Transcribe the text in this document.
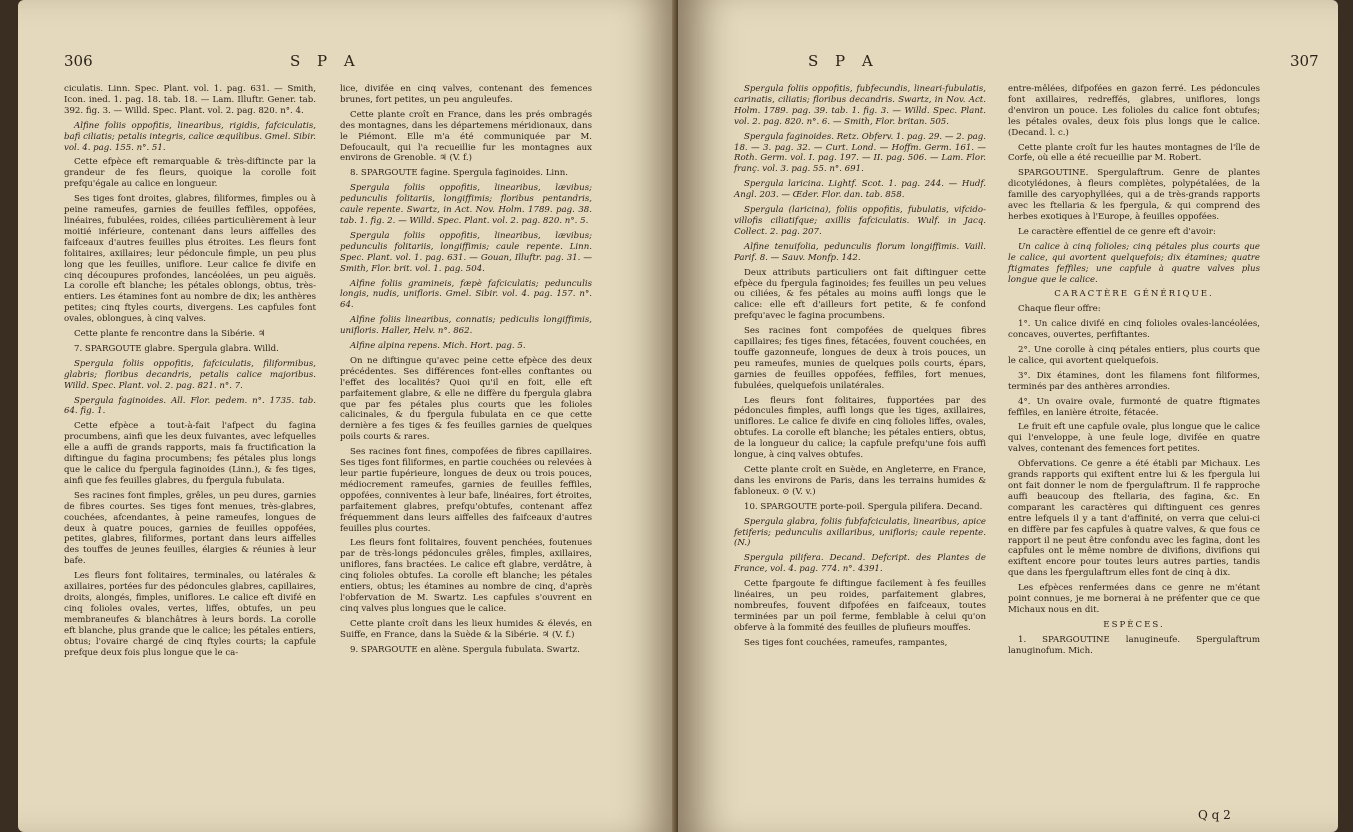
306	S P A

ciculatis. Linn. Spec. Plant. vol. 1. pag. 631. — Smith, Icon. ined. 1. pag. 18. tab. 18. — Lam. Illuftr. Gener. tab. 392. fig. 3. — Willd. Spec. Plant. vol. 2. pag. 820. n°. 4.

Alfine foliis oppofitis, linearibus, rigidis, fafciculatis, bafi ciliatis; petalis integris, calice æquilibus. Gmel. Sibir. vol. 4. pag. 155. n°. 51.

Cette efpèce eft remarquable & très-diftincte par la grandeur de fes fleurs, quoique la corolle foit prefqu'égale au calice en longueur.

Ses tiges font droites, glabres, filiformes, fimples ou à peine rameufes, garnies de feuilles feffiles, oppofées, linéaires, fubulées, roides, ciliées particulièrement à leur moitié inférieure, contenant dans leurs aiffelles des faifceaux d'autres feuilles plus étroites. Les fleurs font folitaires, axillaires; leur pédoncule fimple, un peu plus long que les feuilles, uniflore. Leur calice fe divife en cinq découpures profondes, lancéolées, un peu aiguës. La corolle eft blanche; les pétales oblongs, obtus, très-entiers. Les étamines font au nombre de dix; les anthères petites; cinq ftyles courts, divergens. Les capfules font ovales, oblongues, à cinq valves.

Cette plante fe rencontre dans la Sibérie. ♃

7. SPARGOUTE glabre. Spergula glabra. Willd.

Spergula foliis oppofitis, fafciculatis, filiformibus, glabris; floribus decandris, petalis calice majoribus. Willd. Spec. Plant. vol. 2. pag. 821. n°. 7.

Spergula faginoides. All. Flor. pedem. n°. 1735. tab. 64. fig. 1.

Cette efpèce a tout-à-fait l'afpect du fagina procumbens, ainfi que les deux fuivantes, avec lefquelles elle a auffi de grands rapports, mais fa fructification la diftingue du fagina procumbens; fes pétales plus longs que le calice du fpergula faginoides (Linn.), & fes tiges, ainfi que fes feuilles glabres, du fpergula fubulata.

Ses racines font fimples, grêles, un peu dures, garnies de fibres courtes. Ses tiges font menues, très-glabres, couchées, afcendantes, à peine rameufes, longues de deux à quatre pouces, garnies de feuilles oppofées, petites, glabres, filiformes, portant dans leurs aiffelles des touffes de jeunes feuilles, élargies & réunies à leur bafe.

Les fleurs font folitaires, terminales, ou latérales & axillaires, portées fur des pédoncules glabres, capillaires, droits, alongés, fimples, uniflores. Le calice eft divifé en cinq folioles ovales, vertes, liffes, obtufes, un peu membraneufes & blanchâtres à leurs bords. La corolle eft blanche, plus grande que le calice; les pétales entiers, obtus; l'ovaire chargé de cinq ftyles courts; la capfule prefque deux fois plus longue que le ca-

lice, divifée en cinq valves, contenant des femences brunes, fort petites, un peu anguleufes.

Cette plante croît en France, dans les prés ombragés des montagnes, dans les départemens méridionaux, dans le Piémont. Elle m'a été communiquée par M. Defoucault, qui l'a recueillie fur les montagnes aux environs de Grenoble. ♃ (V. f.)

8. SPARGOUTE fagine. Spergula faginoides. Linn.

Spergula foliis oppofitis, linearibus, lævibus; pedunculis folitariis, longiffimis; floribus pentandris, caule repente. Swartz, in Act. Nov. Holm. 1789. pag. 38. tab. 1. fig. 2. — Willd. Spec. Plant. vol. 2. pag. 820. n°. 5.

Spergula foliis oppofitis, linearibus, lævibus; pedunculis folitariis, longiffimis; caule repente. Linn. Spec. Plant. vol. 1. pag. 631. — Gouan, Illuftr. pag. 31. — Smith, Flor. brit. vol. 1. pag. 504.

Alfine foliis gramineis, fæpè fafciculatis; pedunculis longis, nudis, unifloris. Gmel. Sibir. vol. 4. pag. 157. n°. 64.

Alfine foliis linearibus, connatis; pediculis longiffimis, unifloris. Haller, Helv. n°. 862.

Alfine alpina repens. Mich. Hort. pag. 5.

On ne diftingue qu'avec peine cette efpèce des deux précédentes. Ses différences font-elles conftantes ou l'effet des localités? Quoi qu'il en foit, elle eft parfaitement glabre, & elle ne diffère du fpergula glabra que par fes pétales plus courts que les folioles calicinales, & du fpergula fubulata en ce que cette dernière a fes tiges & fes feuilles garnies de quelques poils courts & rares.

Ses racines font fines, compofées de fibres capillaires. Ses tiges font filiformes, en partie couchées ou relevées à leur partie fupérieure, longues de deux ou trois pouces, médiocrement rameufes, garnies de feuilles feffiles, oppofées, conniventes à leur bafe, linéaires, fort étroites, parfaitement glabres, prefqu'obtufes, contenant affez fréquemment dans leurs aiffelles des faifceaux d'autres feuilles plus courtes.

Les fleurs font folitaires, fouvent penchées, foutenues par de très-longs pédoncules grêles, fimples, axillaires, uniflores, fans bractées. Le calice eft glabre, verdâtre, à cinq folioles obtufes. La corolle eft blanche; les pétales entiers, obtus; les étamines au nombre de cinq, d'après l'obfervation de M. Swartz. Les capfules s'ouvrent en cinq valves plus longues que le calice.

Cette plante croît dans les lieux humides & élevés, en Suiffe, en France, dans la Suède & la Sibérie. ♃ (V. f.)

9. SPARGOUTE en alène. Spergula fubulata. Swartz.

S P A	307

Spergula foliis oppofitis, fubfecundis, lineari-fubulatis, carinatis, ciliatis; floribus decandris. Swartz, in Nov. Act. Holm. 1789. pag. 39. tab. 1. fig. 3. — Willd. Spec. Plant. vol. 2. pag. 820. n°. 6. — Smith, Flor. britan. 505.

Spergula faginoides. Retz. Obferv. 1. pag. 29. — 2. pag. 18. — 3. pag. 32. — Curt. Lond. — Hoffm. Germ. 161. — Roth. Germ. vol. I. pag. 197. — II. pag. 506. — Lam. Flor. franç. vol. 3. pag. 55. n°. 691.

Spergula laricina. Lightf. Scot. 1. pag. 244. — Hudf. Angl. 203. — Œder. Flor. dan. tab. 858.

Spergula (laricina), foliis oppofitis, fubulatis, vifcido-villofis ciliatifque; axillis fafciculatis. Wulf. in Jacq. Collect. 2. pag. 207.

Alfine tenuifolia, pedunculis florum longiffimis. Vaill. Parif. 8. — Sauv. Monfp. 142.

Deux attributs particuliers ont fait diftinguer cette efpèce du fpergula faginoides; fes feuilles un peu velues ou ciliées, & fes pétales au moins auffi longs que le calice: elle eft d'ailleurs fort petite, & fe confond prefqu'avec le fagina procumbens.

Ses racines font compofées de quelques fibres capillaires; fes tiges fines, fétacées, fouvent couchées, en touffe gazonneufe, longues de deux à trois pouces, un peu rameufes, munies de quelques poils courts, épars, garnies de feuilles oppofées, feffiles, fort menues, fubulées, quelquefois unilatérales.

Les fleurs font folitaires, fupportées par des pédoncules fimples, auffi longs que les tiges, axillaires, uniflores. Le calice fe divife en cinq folioles liffes, ovales, obtufes. La corolle eft blanche; les pétales entiers, obtus, de la longueur du calice; la capfule prefqu'une fois auffi longue, à cinq valves obtufes.

Cette plante croît en Suède, en Angleterre, en France, dans les environs de Paris, dans les terrains humides & fabloneux. ⊙ (V. v.)

10. SPARGOUTE porte-poil. Spergula pilifera. Decand.

Spergula glabra, foliis fubfafciculatis, linearibus, apice fetiferis; pedunculis axillaribus, unifloris; caule repente. (N.)

Spergula pilifera. Decand. Defcript. des Plantes de France, vol. 4. pag. 774. n°. 4391.

Cette fpargoute fe diftingue facilement à fes feuilles linéaires, un peu roides, parfaitement glabres, nombreufes, fouvent difpofées en faifceaux, toutes terminées par un poil ferme, femblable à celui qu'on obferve à la fommité des feuilles de plufieurs mouffes.

Ses tiges font couchées, rameufes, rampantes,

entre-mêlées, difpofées en gazon ferré. Les pédoncules font axillaires, redreffés, glabres, uniflores, longs d'environ un pouce. Les folioles du calice font obtufes; les pétales ovales, deux fois plus longs que le calice. (Decand. l. c.)

Cette plante croît fur les hautes montagnes de l'île de Corfe, où elle a été recueillie par M. Robert.

SPARGOUTINE. Spergulaftrum. Genre de plantes dicotylédones, à fleurs complètes, polypétalées, de la famille des caryophyllées, qui a de très-grands rapports avec les ftellaria & les fpergula, & qui comprend des herbes exotiques à l'Europe, à feuilles oppofées.

Le caractère effentiel de ce genre eft d'avoir:

Un calice à cinq folioles; cinq pétales plus courts que le calice, qui avortent quelquefois; dix étamines; quatre ftigmates feffiles; une capfule à quatre valves plus longue que le calice.

CARACTÈRE GÉNÉRIQUE.

Chaque fleur offre:

1°. Un calice divifé en cinq folioles ovales-lancéolées, concaves, ouvertes, perfiftantes.

2°. Une corolle à cinq pétales entiers, plus courts que le calice, qui avortent quelquefois.

3°. Dix étamines, dont les filamens font filiformes, terminés par des anthères arrondies.

4°. Un ovaire ovale, furmonté de quatre ftigmates feffiles, en lanière étroite, fétacée.

Le fruit eft une capfule ovale, plus longue que le calice qui l'enveloppe, à une feule loge, divifée en quatre valves, contenant des femences fort petites.

Obfervations. Ce genre a été établi par Michaux. Les grands rapports qui exiftent entre lui & les fpergula lui ont fait donner le nom de fpergulaftrum. Il fe rapproche auffi beaucoup des ftellaria, des fagina, &c. En comparant les caractères qui diftinguent ces genres entre lefquels il y a tant d'affinité, on verra que celui-ci en diffère par fes capfules à quatre valves, & que fous ce rapport il ne peut être confondu avec les fagina, dont les capfules ont le même nombre de divifions, divifions qui exiftent encore pour toutes leurs autres parties, tandis que dans les fpergulaftrum elles font de cinq à dix.

Les efpèces renfermées dans ce genre ne m'étant point connues, je me bornerai à ne préfenter que ce que Michaux nous en dit.

ESPÈCES.

1. SPARGOUTINE lanugineufe. Spergulaftrum lanuginofum. Mich.

Q q 2
